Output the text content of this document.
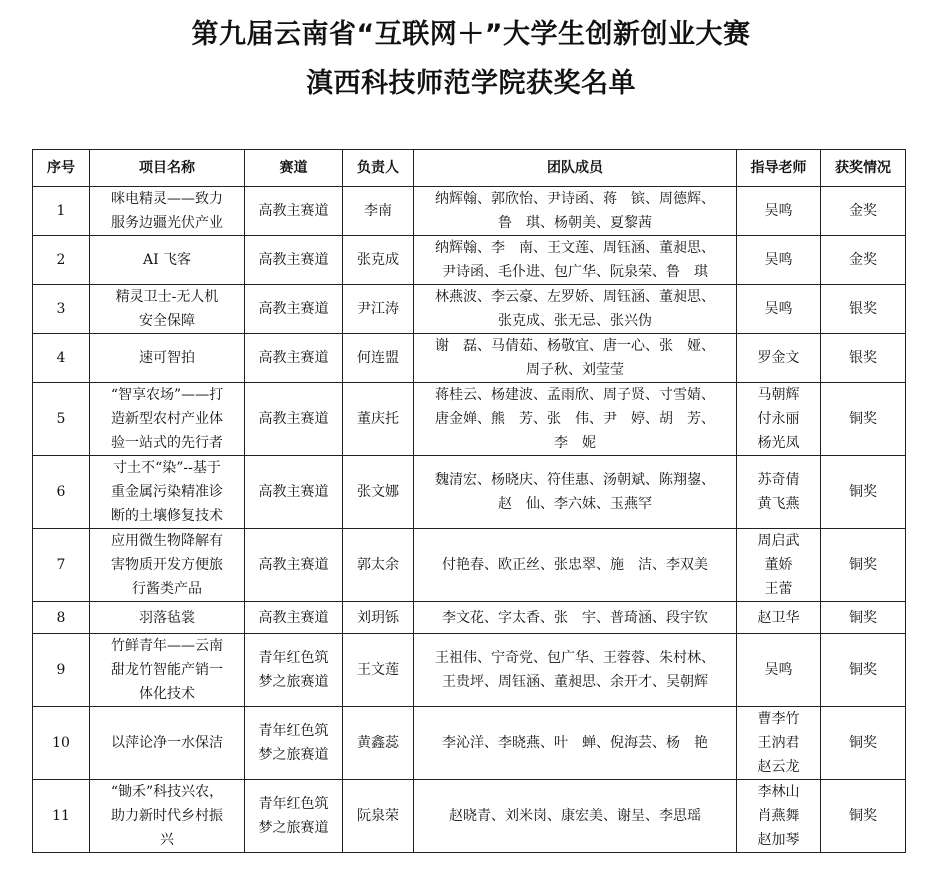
第九届云南省“互联网＋”大学生创新创业大赛
滇西科技师范学院获奖名单
序号	项目名称	赛道	负责人	团队成员	指导老师	获奖情况
1	咪电精灵——致力
服务边疆光伏产业	高教主赛道	李南	纳辉翰、郭欣怡、尹诗函、蒋　镔、周德辉、
鲁　琪、杨朝美、夏黎茜	吴鸣	金奖
2	AI 飞客	高教主赛道	张克成	纳辉翰、李　南、王文莲、周钰涵、董昶思、
尹诗函、毛仆进、包广华、阮泉荣、鲁　琪	吴鸣	金奖
3	精灵卫士-无人机
安全保障	高教主赛道	尹江涛	林燕波、李云豪、左罗娇、周钰涵、董昶思、
张克成、张无忌、张兴伪	吴鸣	银奖
4	速可智拍	高教主赛道	何连盟	谢　磊、马倩茹、杨敬宜、唐一心、张　娅、
周子秋、刘莹莹	罗金文	银奖
5	“智享农场”——打
造新型农村产业体
验一站式的先行者	高教主赛道	董庆托	蒋桂云、杨建波、孟雨欣、周子贤、寸雪婧、
唐金婵、熊　芳、张　伟、尹　婷、胡　芳、
李　妮	马朝辉
付永丽
杨光凤	铜奖
6	寸土不“染”--基于
重金属污染精准诊
断的土壤修复技术	高教主赛道	张文娜	魏清宏、杨晓庆、符佳惠、汤朝斌、陈翔鋆、
赵　仙、李六妹、玉燕罕	苏奇倩
黄飞燕	铜奖
7	应用微生物降解有
害物质开发方便旅
行酱类产品	高教主赛道	郭太余	付艳春、欧正丝、张忠翠、施　洁、李双美	周启武
董娇
王蕾	铜奖
8	羽落毡裳	高教主赛道	刘玥铄	李文花、字太香、张　宇、普琦涵、段宇钦	赵卫华	铜奖
9	竹鲜青年——云南
甜龙竹智能产销一
体化技术	青年红色筑
梦之旅赛道	王文莲	王祖伟、宁奇党、包广华、王蓉蓉、朱村林、
王贵坪、周钰涵、董昶思、余开才、吴朝辉	吴鸣	铜奖
10	以萍论净一水保洁	青年红色筑
梦之旅赛道	黄鑫蕊	李沁洋、李晓燕、叶　蝉、倪海芸、杨　艳	曹李竹
王汭君
赵云龙	铜奖
11	“锄禾”科技兴农，
助力新时代乡村振
兴	青年红色筑
梦之旅赛道	阮泉荣	赵晓青、刘米岗、康宏美、谢呈、李思瑶	李林山
肖燕舞
赵加琴	铜奖
